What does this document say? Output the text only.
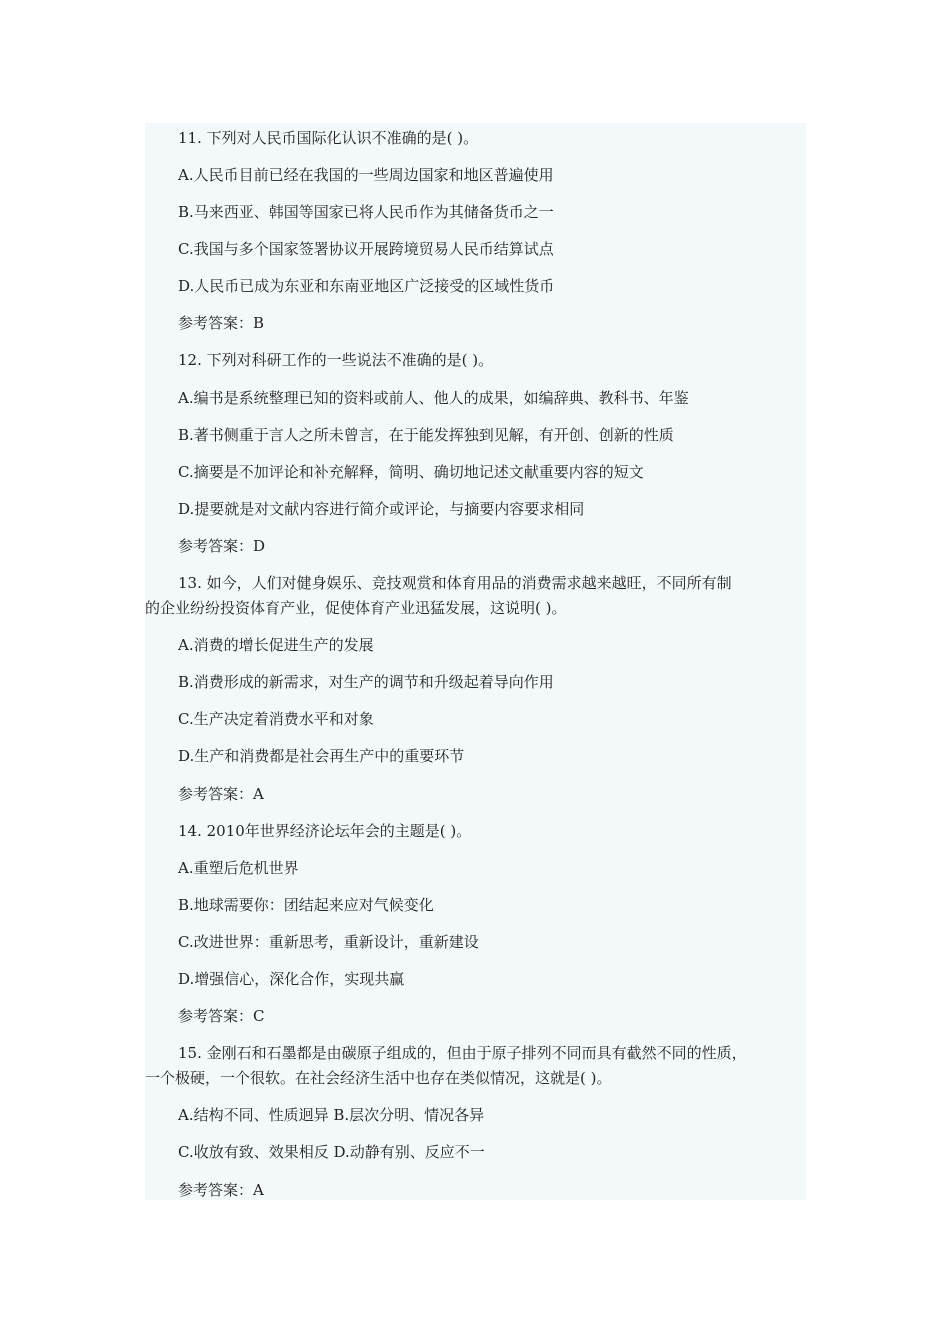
11. 下列对人民币国际化认识不准确的是( )。
A.人民币目前已经在我国的一些周边国家和地区普遍使用
B.马来西亚、韩国等国家已将人民币作为其储备货币之一
C.我国与多个国家签署协议开展跨境贸易人民币结算试点
D.人民币已成为东亚和东南亚地区广泛接受的区域性货币
参考答案：B
12. 下列对科研工作的一些说法不准确的是( )。
A.编书是系统整理已知的资料或前人、他人的成果，如编辞典、教科书、年鉴
B.著书侧重于言人之所未曾言，在于能发挥独到见解，有开创、创新的性质
C.摘要是不加评论和补充解释，简明、确切地记述文献重要内容的短文
D.提要就是对文献内容进行简介或评论，与摘要内容要求相同
参考答案：D
13. 如今，人们对健身娱乐、竞技观赏和体育用品的消费需求越来越旺，不同所有制
的企业纷纷投资体育产业，促使体育产业迅猛发展，这说明( )。
A.消费的增长促进生产的发展
B.消费形成的新需求，对生产的调节和升级起着导向作用
C.生产决定着消费水平和对象
D.生产和消费都是社会再生产中的重要环节
参考答案：A
14. 2010年世界经济论坛年会的主题是( )。
A.重塑后危机世界
B.地球需要你：团结起来应对气候变化
C.改进世界：重新思考，重新设计，重新建设
D.增强信心，深化合作，实现共赢
参考答案：C
15. 金刚石和石墨都是由碳原子组成的，但由于原子排列不同而具有截然不同的性质，
一个极硬，一个很软。在社会经济生活中也存在类似情况，这就是( )。
A.结构不同、性质迥异 B.层次分明、情况各异
C.收放有致、效果相反 D.动静有别、反应不一
参考答案：A
